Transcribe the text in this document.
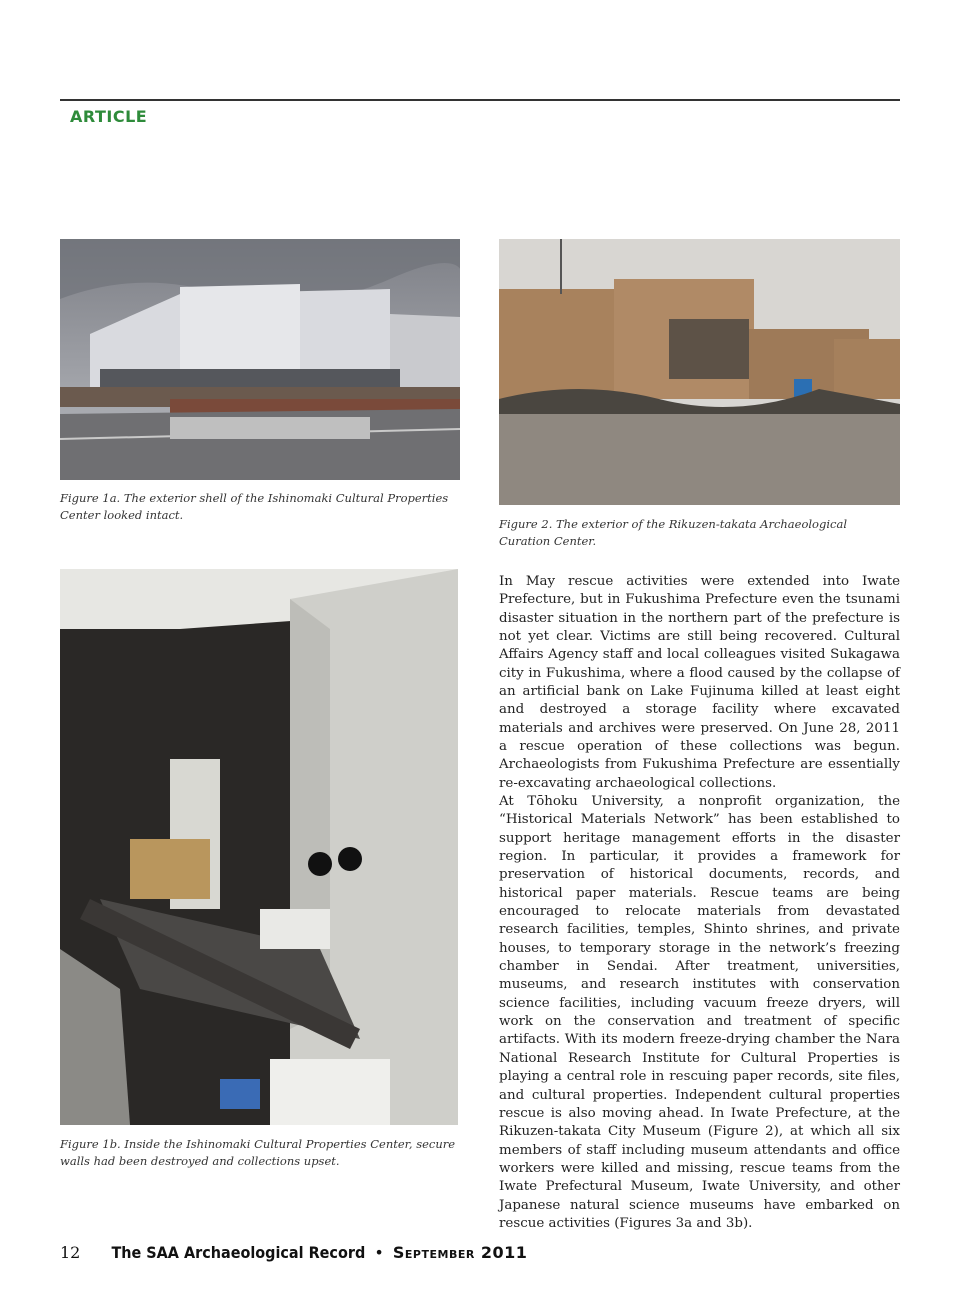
ARTICLE
Figure 1a. The exterior shell of the Ishinomaki Cultural Properties Center looked intact.
Figure 2. The exterior of the Rikuzen-takata Archaeological Curation Center.
Figure 1b. Inside the Ishinomaki Cultural Properties Center, secure walls had been destroyed and collections upset.

In May rescue activities were extended into Iwate Prefecture, but in Fukushima Prefecture even the tsunami disaster situation in the northern part of the prefecture is not yet clear. Victims are still being recovered. Cultural Affairs Agency staff and local colleagues visited Sukagawa city in Fukushima, where a flood caused by the collapse of an artificial bank on Lake Fujinuma killed at least eight and destroyed a storage facility where excavated materials and archives were preserved. On June 28, 2011 a rescue operation of these collections was begun. Archaeologists from Fukushima Prefecture are essentially re-excavating archaeological collections.

At Tōhoku University, a nonprofit organization, the “Historical Materials Network” has been established to support heritage management efforts in the disaster region. In particular, it provides a framework for preservation of historical documents, records, and historical paper materials. Rescue teams are being encouraged to relocate materials from devastated research facilities, temples, Shinto shrines, and private houses, to temporary storage in the network’s freezing chamber in Sendai. After treatment, universities, museums, and research institutes with conservation science facilities, including vacuum freeze dryers, will work on the conservation and treatment of specific artifacts. With its modern freeze-drying chamber the Nara National Research Institute for Cultural Properties is playing a central role in rescuing paper records, site files, and cultural properties. Independent cultural properties rescue is also moving ahead. In Iwate Prefecture, at the Rikuzen-takata City Museum (Figure 2), at which all six members of staff including museum attendants and office workers were killed and missing, rescue teams from the Iwate Prefectural Museum, Iwate University, and other Japanese natural science museums have embarked on rescue activities (Figures 3a and 3b).

12 The SAA Archaeological Record • September 2011
